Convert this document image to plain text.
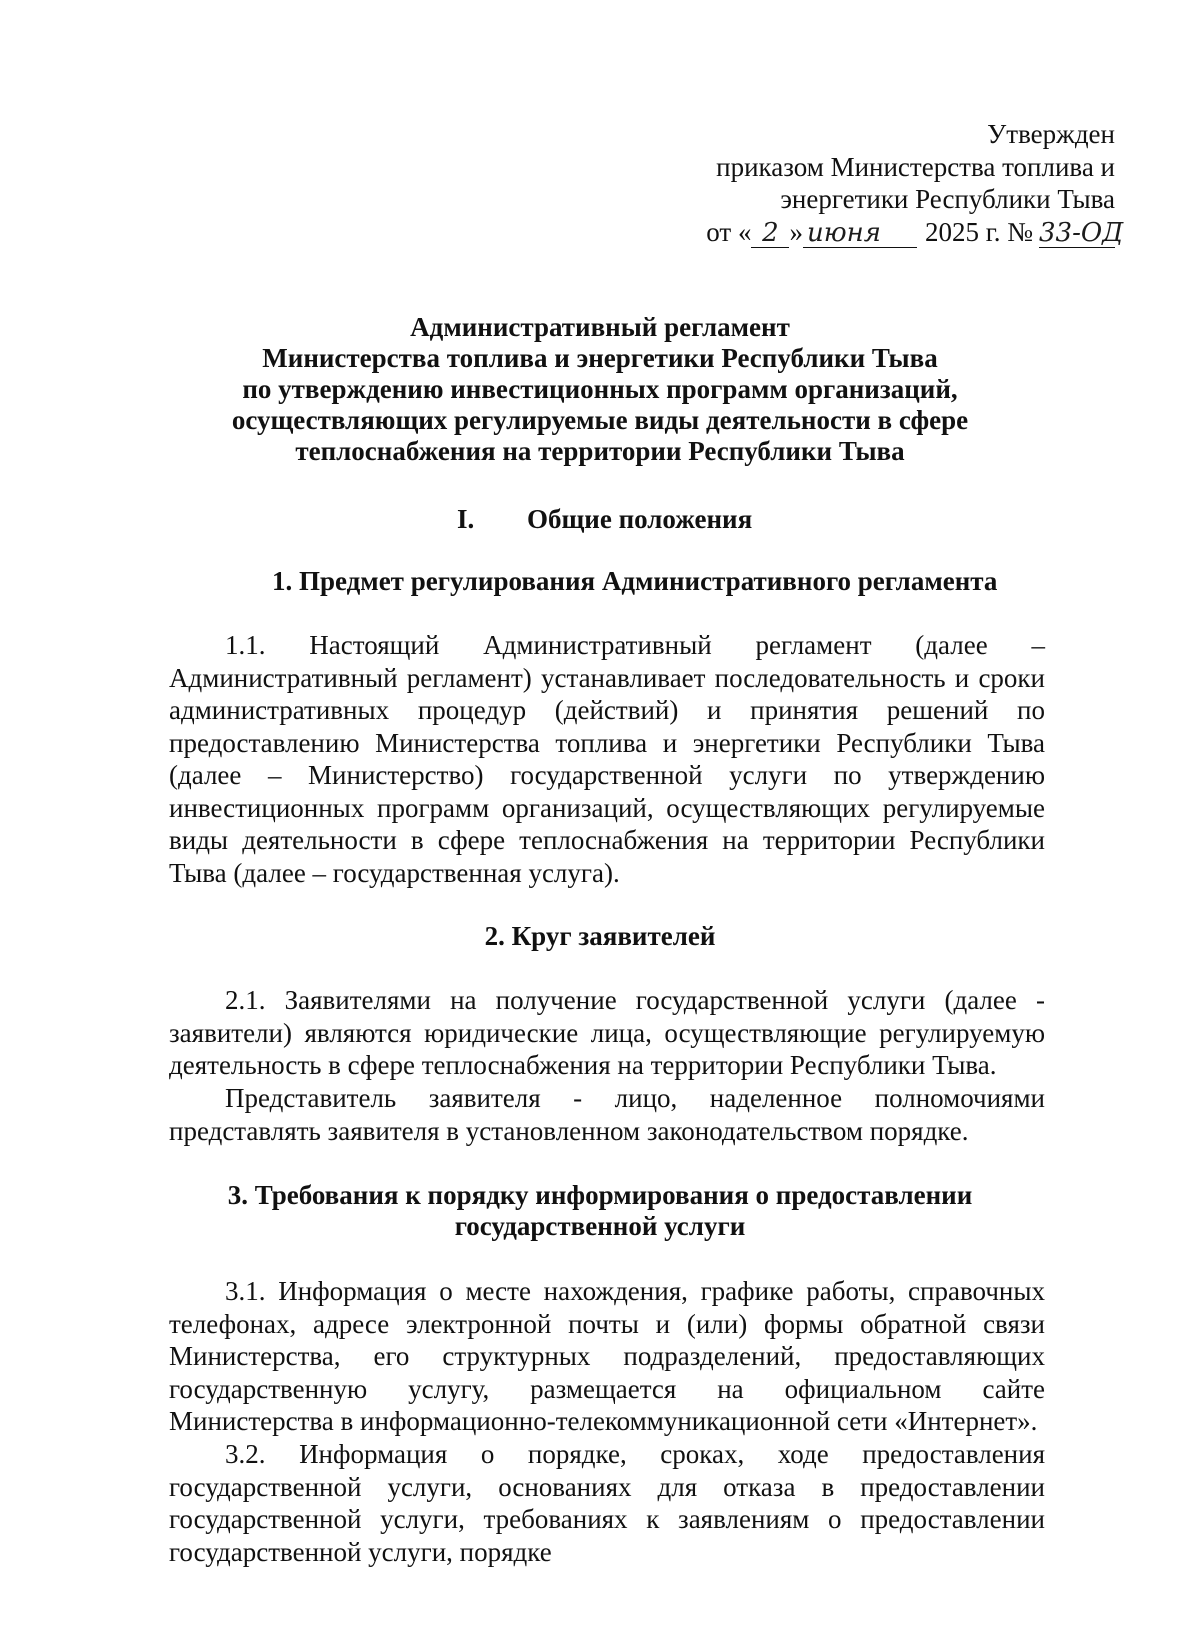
Утвержден
приказом Министерства топлива и
энергетики Республики Тыва
от « 2 » июня	2025 г. № 33-ОД
Административный регламент
Министерства топлива и энергетики Республики Тыва
по утверждению инвестиционных программ организаций,
осуществляющих регулируемые виды деятельности в сфере
теплоснабжения на территории Республики Тыва
I. Общие положения
1. Предмет регулирования Административного регламента
1.1. Настоящий Административный регламент (далее – Административный регламент) устанавливает последовательность и сроки административных процедур (действий) и принятия решений по предоставлению Министерства топлива и энергетики Республики Тыва (далее – Министерство) государственной услуги по утверждению инвестиционных программ организаций, осуществляющих регулируемые виды деятельности в сфере теплоснабжения на территории Республики Тыва (далее – государственная услуга).
2. Круг заявителей
2.1. Заявителями на получение государственной услуги (далее - заявители) являются юридические лица, осуществляющие регулируемую деятельность в сфере теплоснабжения на территории Республики Тыва.
Представитель заявителя - лицо, наделенное полномочиями представлять заявителя в установленном законодательством порядке.
3. Требования к порядку информирования о предоставлении
государственной услуги
3.1. Информация о месте нахождения, графике работы, справочных телефонах, адресе электронной почты и (или) формы обратной связи Министерства, его структурных подразделений, предоставляющих государственную услугу, размещается на официальном сайте Министерства в информационно-телекоммуникационной сети «Интернет».
3.2. Информация о порядке, сроках, ходе предоставления государственной услуги, основаниях для отказа в предоставлении государственной услуги, требованиях к заявлениям о предоставлении государственной услуги, порядке
